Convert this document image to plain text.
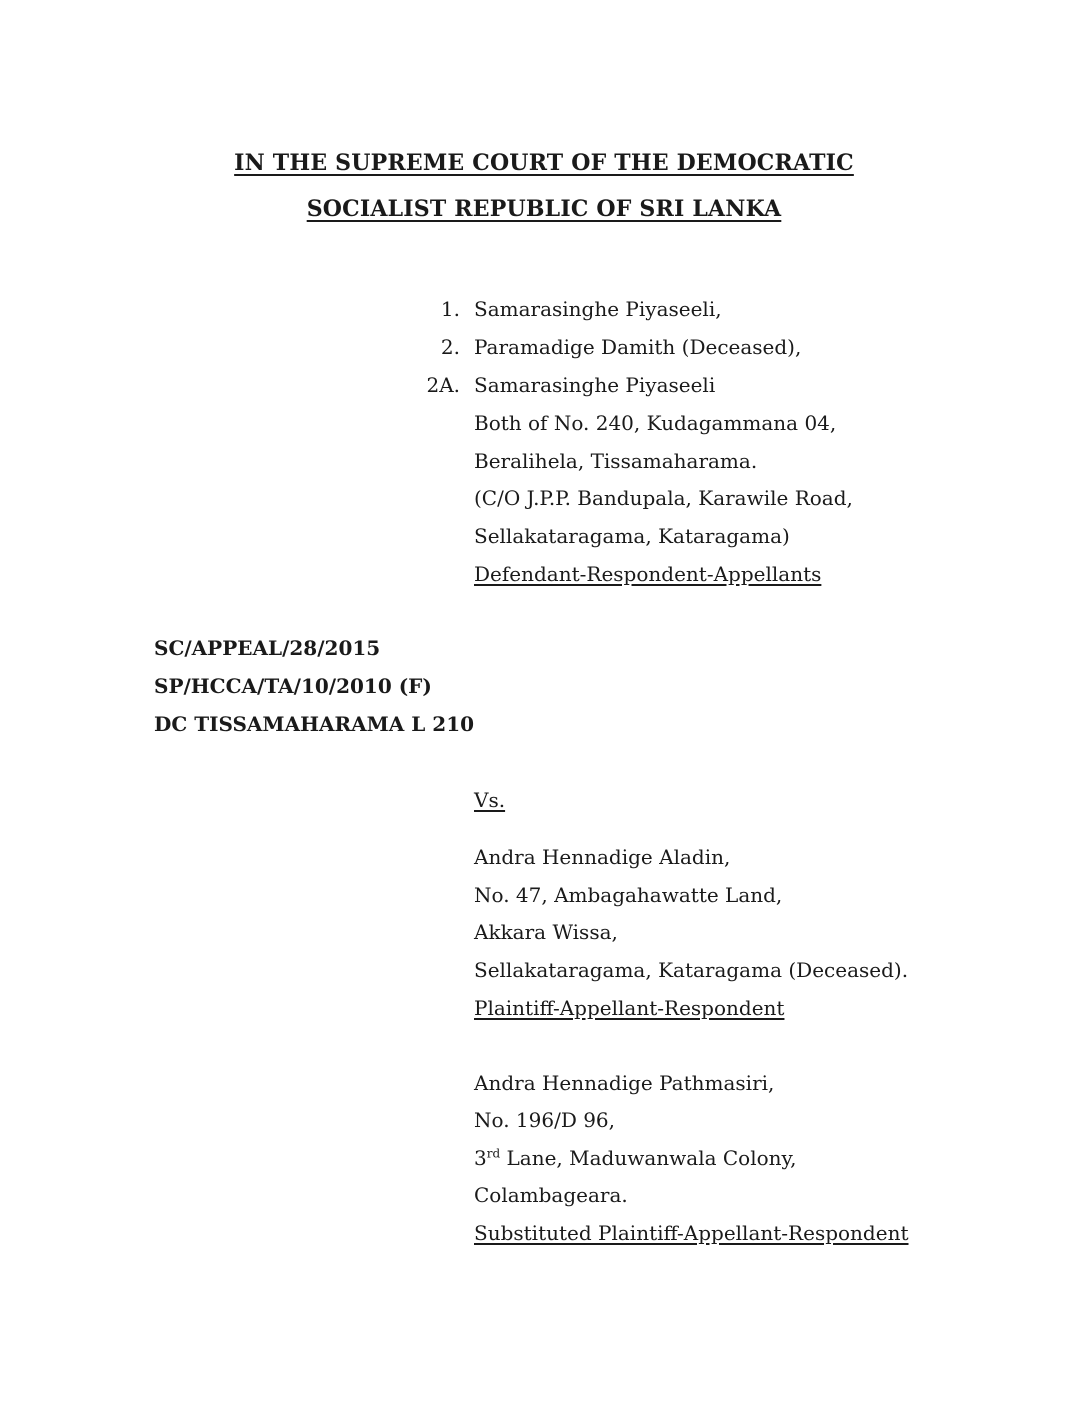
IN THE SUPREME COURT OF THE DEMOCRATIC
SOCIALIST REPUBLIC OF SRI LANKA
1. Samarasinghe Piyaseeli,
2. Paramadige Damith (Deceased),
2A. Samarasinghe Piyaseeli
Both of No. 240, Kudagammana 04,
Beralihela, Tissamaharama.
(C/O J.P.P. Bandupala, Karawile Road,
Sellakataragama, Kataragama)
Defendant-Respondent-Appellants
SC/APPEAL/28/2015
SP/HCCA/TA/10/2010 (F)
DC TISSAMAHARAMA L 210
Vs.
Andra Hennadige Aladin,
No. 47, Ambagahawatte Land,
Akkara Wissa,
Sellakataragama, Kataragama (Deceased).
Plaintiff-Appellant-Respondent
Andra Hennadige Pathmasiri,
No. 196/D 96,
3rd Lane, Maduwanwala Colony,
Colambageara.
Substituted Plaintiff-Appellant-Respondent
